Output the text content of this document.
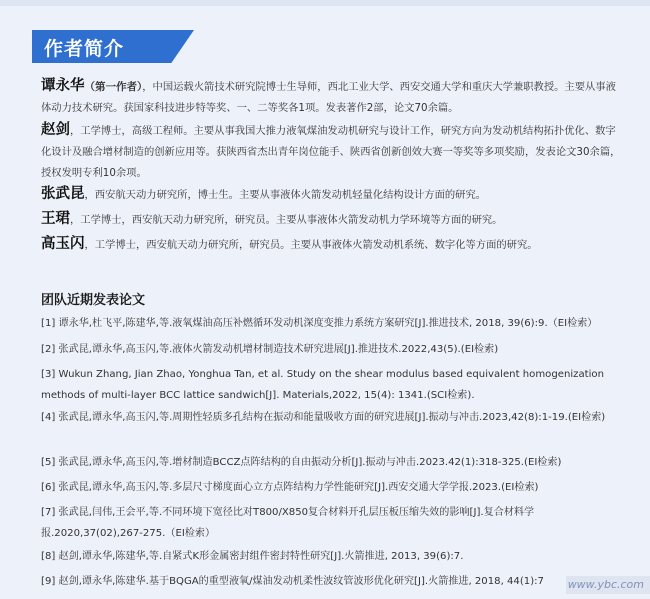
作者简介
谭永华（第一作者），中国运载火箭技术研究院博士生导师，西北工业大学、西安交通大学和重庆大学兼职教授。主要从事液体动力技术研究。获国家科技进步特等奖、一、二等奖各1项。发表著作2部，论文70余篇。
赵剑，工学博士，高级工程师。主要从事我国大推力液氧煤油发动机研究与设计工作，研究方向为发动机结构拓扑优化、数字化设计及融合增材制造的创新应用等。获陕西省杰出青年岗位能手、陕西省创新创效大赛一等奖等多项奖励，发表论文30余篇，授权发明专利10余项。
张武昆，西安航天动力研究所，博士生。主要从事液体火箭发动机轻量化结构设计方面的研究。
王珺，工学博士，西安航天动力研究所，研究员。主要从事液体火箭发动机力学环境等方面的研究。
高玉闪，工学博士，西安航天动力研究所，研究员。主要从事液体火箭发动机系统、数字化等方面的研究。
团队近期发表论文
[1] 谭永华,杜飞平,陈建华,等.液氧煤油高压补燃循环发动机深度变推力系统方案研究[J].推进技术, 2018, 39(6):9.（EI检索）
[2] 张武昆,谭永华,高玉闪,等.液体火箭发动机增材制造技术研究进展[J].推进技术.2022,43(5).(EI检索)
[3] Wukun Zhang, Jian Zhao, Yonghua Tan, et al. Study on the shear modulus based equivalent homogenization methods of multi-layer BCC lattice sandwich[J]. Materials,2022, 15(4): 1341.(SCI检索).
[4] 张武昆,谭永华,高玉闪,等.周期性轻质多孔结构在振动和能量吸收方面的研究进展[J].振动与冲击.2023,42(8):1-19.(EI检索)
[5] 张武昆,谭永华,高玉闪,等.增材制造BCCZ点阵结构的自由振动分析[J].振动与冲击.2023.42(1):318-325.(EI检索)
[6] 张武昆,谭永华,高玉闪,等.多层尺寸梯度面心立方点阵结构力学性能研究[J].西安交通大学学报.2023.(EI检索)
[7] 张武昆,闫伟,王会平,等.不同环境下宽径比对T800/X850复合材料开孔层压板压缩失效的影响[J].复合材料学报.2020,37(02),267-275.（EI检索）
[8] 赵剑,谭永华,陈建华,等.自紧式K形金属密封组件密封特性研究[J].火箭推进, 2013, 39(6):7.
[9] 赵剑,谭永华,陈建华.基于BQGA的重型液氧/煤油发动机柔性波纹管波形优化研究[J].火箭推进, 2018, 44(1):7	www.ybc.com
